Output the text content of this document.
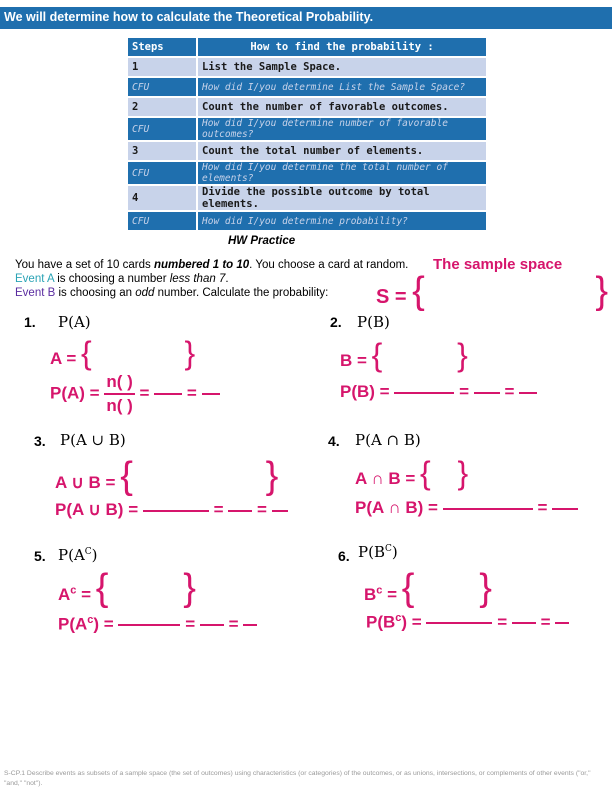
We will determine how to calculate the Theoretical Probability.
Steps	How to find the probability :
1	List the Sample Space.
CFU	How did I/you determine List the Sample Space?
2	Count the number of favorable outcomes.
CFU	How did I/you determine number of favorable outcomes?
3	Count the total number of elements.
CFU	How did I/you determine the total number of elements?
4	Divide the possible outcome by total elements.
CFU	How did I/you determine probability?
HW Practice
You have a set of 10 cards numbered 1 to 10. You choose a card at random.
Event A is choosing a number less than 7.
Event B is choosing an odd number. Calculate the probability:
The sample space
S = {	}
1. P(A)
A = {	}
$P(A) = \frac{n( )}{n( )}$ = =
2. P(B)
B = { }
P(B) =	= =
3. P(A ∪ B)
A ∪ B = {	}
P(A ∪ B) =	= =
4. P(A ∩ B)
A ∩ B = { }
P(A ∩ B) =	=
5. $P(A^C)$
$A^c$ = { }
$P(A^c)$ =	= =
6. $P(B^C)$
$B^c$ = { }
$P(B^c)$ =	= =
S-CP.1 Describe events as subsets of a sample space (the set of outcomes) using characteristics (or categories) of the outcomes, or as unions, intersections, or complements of other events ("or," "and," "not").
